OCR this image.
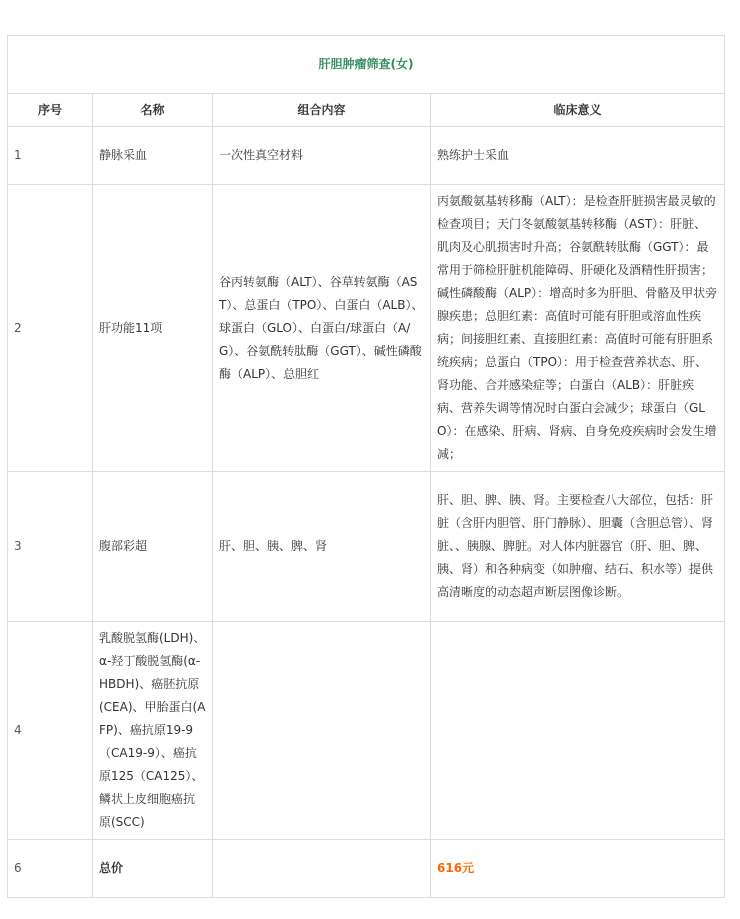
肝胆肿瘤筛查(女)			
序号	名称	组合内容	临床意义
1	静脉采血	一次性真空材料	熟练护士采血
2	肝功能11项	谷丙转氨酶（ALT）、谷草转氨酶（AST）、总蛋白（TPO）、白蛋白（ALB）、球蛋白（GLO）、白蛋白/球蛋白（A/G）、谷氨酰转肽酶（GGT）、碱性磷酸酶（ALP）、总胆红	丙氨酸氨基转移酶（ALT）：是检查肝脏损害最灵敏的检查项目；天门冬氨酸氨基转移酶（AST）：肝脏、肌肉及心肌损害时升高；谷氨酰转肽酶（GGT）：最常用于筛检肝脏机能障碍、肝硬化及酒精性肝损害；碱性磷酸酶（ALP）：增高时多为肝胆、骨骼及甲状旁腺疾患；总胆红素：高值时可能有肝胆或溶血性疾病；间接胆红素、直接胆红素：高值时可能有肝胆系统疾病；总蛋白（TPO）：用于检查营养状态、肝、肾功能、合并感染症等；白蛋白（ALB）：肝脏疾病、营养失调等情况时白蛋白会减少；球蛋白（GLO）：在感染、肝病、肾病、自身免疫疾病时会发生增减；
3	腹部彩超	肝、胆、胰、脾、肾	肝、胆、脾、胰、肾。主要检查八大部位，包括：肝脏（含肝内胆管、肝门静脉）、胆囊（含胆总管）、肾脏、、胰腺、脾脏。对人体内脏器官（肝、胆、脾、胰、肾）和各种病变（如肿瘤、结石、积水等）提供高清晰度的动态超声断层图像诊断。
4	乳酸脱氢酶(LDH)、α-羟丁酸脱氢酶(α-HBDH)、癌胚抗原(CEA)、甲胎蛋白(AFP)、癌抗原19-9（CA19-9）、癌抗原125（CA125）、鳞状上皮细胞癌抗原(SCC)		
6	总价		616元
